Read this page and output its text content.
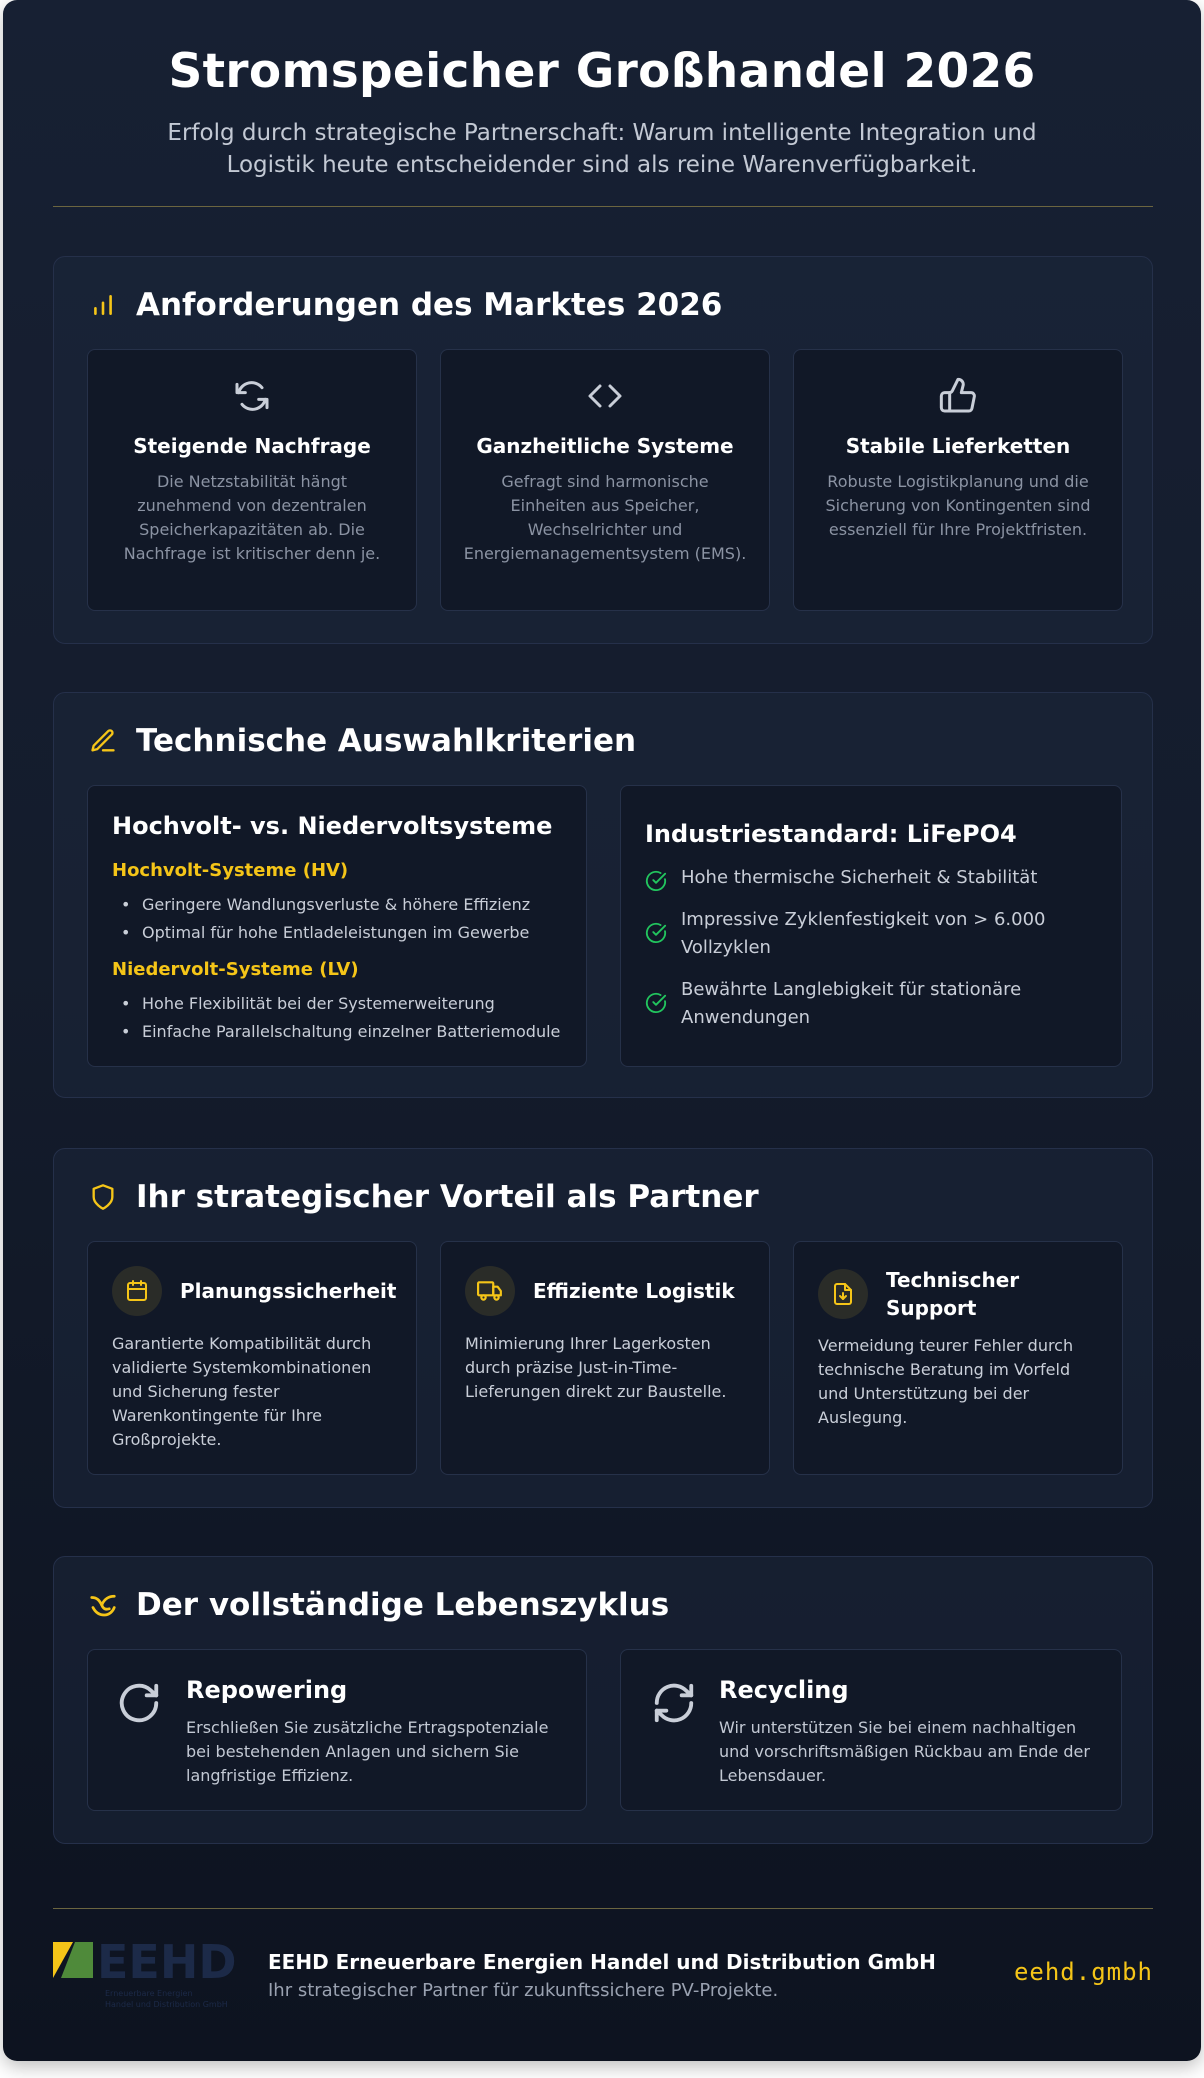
Stromspeicher Großhandel 2026

Erfolg durch strategische Partnerschaft: Warum intelligente Integration und Logistik heute entscheidender sind als reine Warenverfügbarkeit.

Anforderungen des Marktes 2026
Steigende Nachfrage

Die Netzstabilität hängt zunehmend von dezentralen Speicherkapazitäten ab. Die Nachfrage ist kritischer denn je.

Ganzheitliche Systeme

Gefragt sind harmonische Einheiten aus Speicher, Wechselrichter und Energiemanagementsystem (EMS).

Stabile Lieferketten

Robuste Logistikplanung und die Sicherung von Kontingenten sind essenziell für Ihre Projektfristen.

Technische Auswahlkriterien
Hochvolt- vs. Niedervoltsysteme
Hochvolt-Systeme (HV)
• Geringere Wandlungsverluste & höhere Effizienz
• Optimal für hohe Entladeleistungen im Gewerbe
Niedervolt-Systeme (LV)
• Hohe Flexibilität bei der Systemerweiterung
• Einfache Parallelschaltung einzelner Batteriemodule
Industriestandard: LiFePO4
Hohe thermische Sicherheit & Stabilität
Impressive Zyklenfestigkeit von > 6.000 Vollzyklen
Bewährte Langlebigkeit für stationäre Anwendungen
Ihr strategischer Vorteil als Partner
Planungssicherheit

Garantierte Kompatibilität durch validierte Systemkombinationen und Sicherung fester Warenkontingente für Ihre Großprojekte.

Effiziente Logistik

Minimierung Ihrer Lagerkosten durch präzise Just-in-Time-Lieferungen direkt zur Baustelle.

Technischer Support

Vermeidung teurer Fehler durch technische Beratung im Vorfeld und Unterstützung bei der Auslegung.

Der vollständige Lebenszyklus
Repowering

Erschließen Sie zusätzliche Ertragspotenziale bei bestehenden Anlagen und sichern Sie langfristige Effizienz.

Recycling

Wir unterstützen Sie bei einem nachhaltigen und vorschriftsmäßigen Rückbau am Ende der Lebensdauer.

EEHD
Erneuerbare Energien
Handel und Distribution GmbH
EEHD Erneuerbare Energien Handel und Distribution GmbH
Ihr strategischer Partner für zukunftssichere PV-Projekte.
eehd.gmbh
